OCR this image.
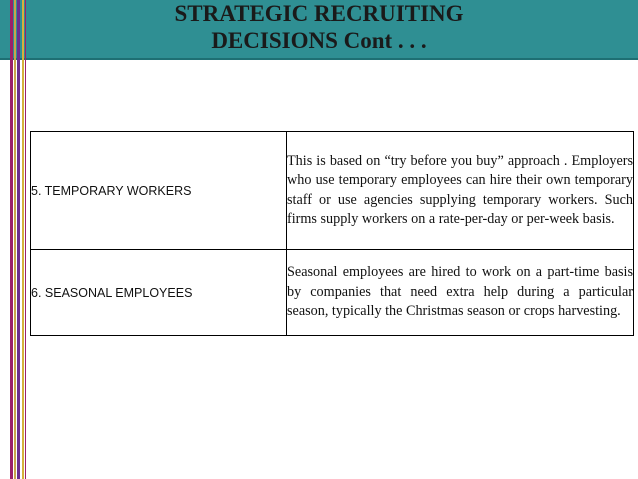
STRATEGIC RECRUITING
DECISIONS Cont . . .
5. TEMPORARY WORKERS	This is based on “try before you buy” approach . Employers who use temporary employees can hire their own temporary staff or use agencies supplying temporary workers. Such firms supply workers on a rate-per-day or per-week basis.
6. SEASONAL EMPLOYEES	Seasonal employees are hired to work on a part-time basis by companies that need extra help during a particular season, typically the Christmas season or crops harvesting.
